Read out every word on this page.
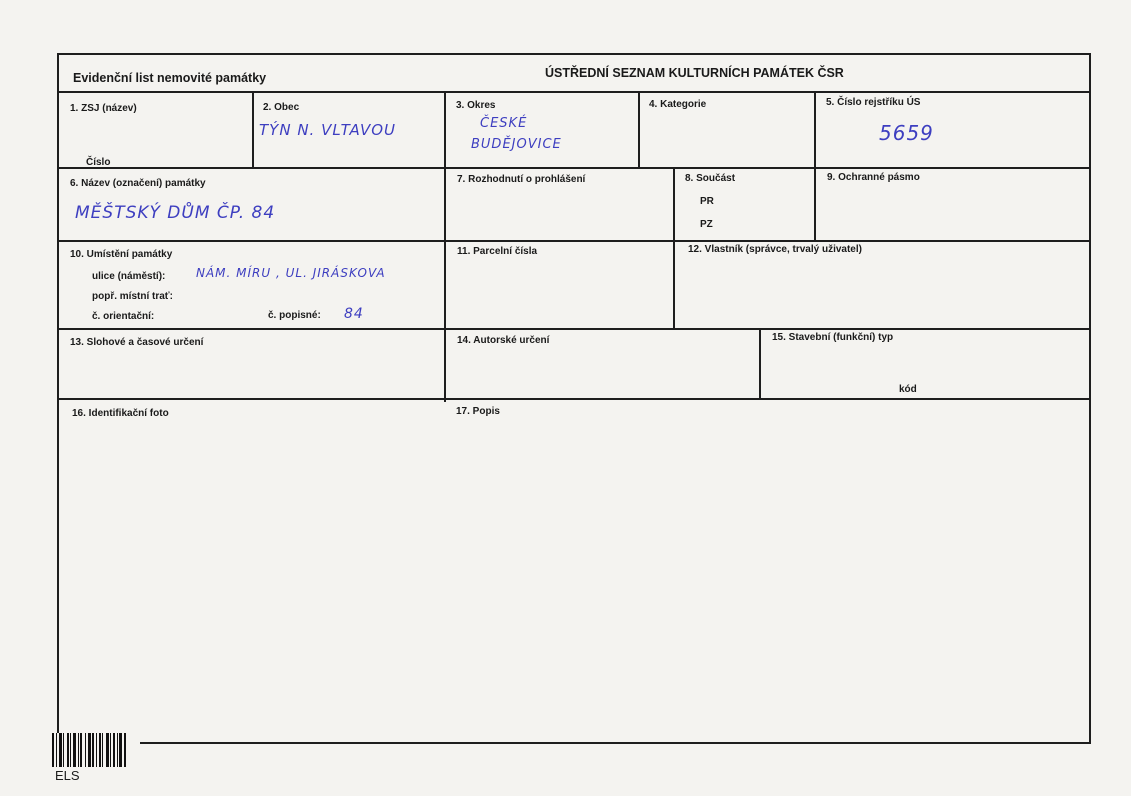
Evidenční list nemovité památky	ÚSTŘEDNÍ SEZNAM KULTURNÍCH PAMÁTEK ČSR
1. ZSJ (název)
Číslo
2. Obec
TÝN N. VLTAVOU
3. Okres
ČESKÉ
BUDĚJOVICE
4. Kategorie	5. Číslo rejstříku ÚS
5659
6. Název (označení) památky
MĚŠTSKÝ DŮM ČP. 84
7. Rozhodnutí o prohlášení	8. Součást
PR
PZ
9. Ochranné pásmo
10. Umístění památky
ulice (náměstí):	NÁM. MÍRU , UL. JIRÁSKOVA
popř. místní trať:
č. orientační:	č. popisné: 84
11. Parcelní čísla	12. Vlastník (správce, trvalý uživatel)
13. Slohové a časové určení	14. Autorské určení	15. Stavební (funkční) typ
kód
16. Identifikační foto	17. Popis
ELS
